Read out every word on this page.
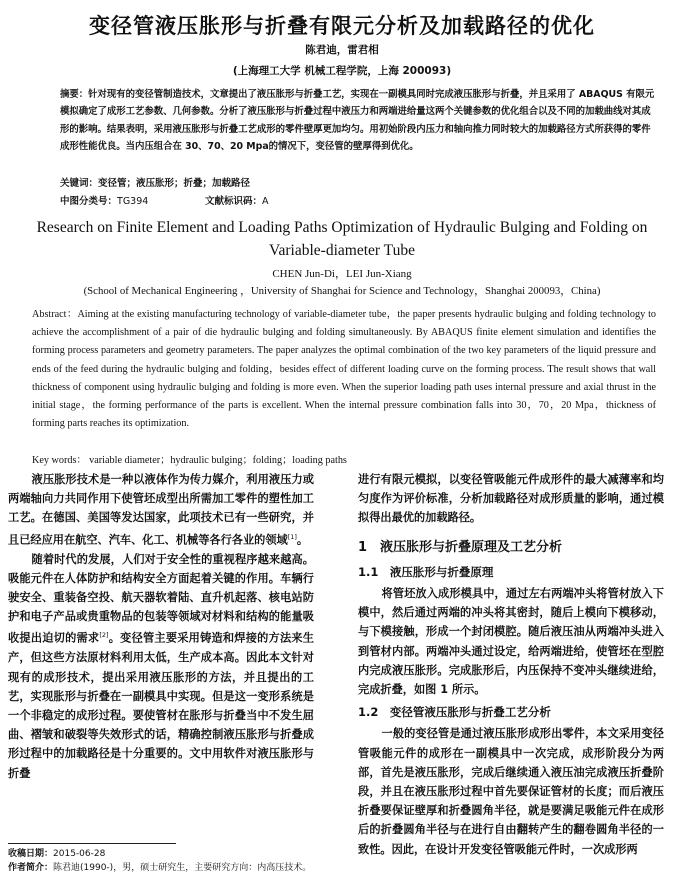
变径管液压胀形与折叠有限元分析及加载路径的优化
陈君迪，雷君相
(上海理工大学 机械工程学院，上海 200093)
摘要：针对现有的变径管制造技术，文章提出了液压胀形与折叠工艺，实现在一副模具同时完成液压胀形与折叠，并且采用了 ABAQUS 有限元模拟确定了成形工艺参数、几何参数。分析了液压胀形与折叠过程中液压力和两端进给量这两个关键参数的优化组合以及不同的加载曲线对其成形的影响。结果表明，采用液压胀形与折叠工艺成形的零件壁厚更加均匀。用初始阶段内压力和轴向推力同时较大的加载路径方式所获得的零件成形性能优良。当内压组合在 30、70、20 Mpa的情况下，变径管的壁厚得到优化。
关键词：变径管；液压胀形；折叠；加载路径
中图分类号：TG394	文献标识码：A
Research on Finite Element and Loading Paths Optimization of Hydraulic Bulging and Folding on Variable-diameter Tube
CHEN Jun-Di，LEI Jun-Xiang
(School of Mechanical Engineering ，University of Shanghai for Science and Technology，Shanghai 200093，China)
Abstract：Aiming at the existing manufacturing technology of variable-diameter tube，the paper presents hydraulic bulging and folding technology to achieve the accomplishment of a pair of die hydraulic bulging and folding simultaneously. By ABAQUS finite element simulation and identifies the forming process parameters and geometry parameters. The paper analyzes the optimal combination of the two key parameters of the liquid pressure and ends of the feed during the hydraulic bulging and folding，besides effect of different loading curve on the forming process. The result shows that wall thickness of component using hydraulic bulging and folding is more even. When the superior loading path uses internal pressure and axial thrust in the initial stage，the forming performance of the parts is excellent. When the internal pressure combination falls into 30，70，20 Mpa，thickness of forming parts reaches its optimization.
Key words： variable diameter；hydraulic bulging；folding；loading paths

液压胀形技术是一种以液体作为传力媒介，利用液压力或两端轴向力共同作用下使管坯成型出所需加工零件的塑性加工工艺。在德国、美国等发达国家，此项技术已有一些研究，并且已经应用在航空、汽车、化工、机械等各行各业的领域[1]。

随着时代的发展，人们对于安全性的重视程序越来越高。吸能元件在人体防护和结构安全方面起着关键的作用。车辆行驶安全、重装备空投、航天器软着陆、直升机起落、核电站防护和电子产品或贵重物品的包装等领域对材料和结构的能量吸收提出迫切的需求[2]。变径管主要采用铸造和焊接的方法来生产，但这些方法原材料利用太低，生产成本高。因此本文针对现有的成形技术，提出采用液压胀形的方法，并且提出的工艺，实现胀形与折叠在一副模具中实现。但是这一变形系统是一个非稳定的成形过程。要使管材在胀形与折叠当中不发生屈曲、褶皱和破裂等失效形式的话，精确控制液压胀形与折叠成形过程中的加载路径是十分重要的。文中用软件对液压胀形与折叠

进行有限元模拟，以变径管吸能元件成形件的最大减薄率和均匀度作为评价标准，分析加载路径对成形质量的影响，通过模拟得出最优的加载路径。

1　液压胀形与折叠原理及工艺分析
1.1　液压胀形与折叠原理

将管坯放入成形模具中，通过左右两端冲头将管材放入下模中，然后通过两端的冲头将其密封，随后上模向下模移动，与下模接触，形成一个封闭模腔。随后液压油从两端冲头进入到管材内部。两端冲头通过设定，给两端进给，使管坯在型腔内完成液压胀形。完成胀形后，内压保持不变冲头继续进给，完成折叠，如图 1 所示。

1.2　变径管液压胀形与折叠工艺分析

一般的变径管是通过液压胀形成形出零件，本文采用变径管吸能元件的成形在一副模具中一次完成，成形阶段分为两部，首先是液压胀形，完成后继续通入液压油完成液压折叠阶段，并且在液压胀形过程中首先要保证管材的长度；而后液压折叠要保证壁厚和折叠圆角半径，就是要满足吸能元件在成形后的折叠圆角半径与在进行自由翻转产生的翻卷圆角半径的一致性。因此，在设计开发变径管吸能元件时，一次成形两

收稿日期：2015-06-28
作者简介：陈君迪(1990-)，男，硕士研究生，主要研究方向：内高压技术。
